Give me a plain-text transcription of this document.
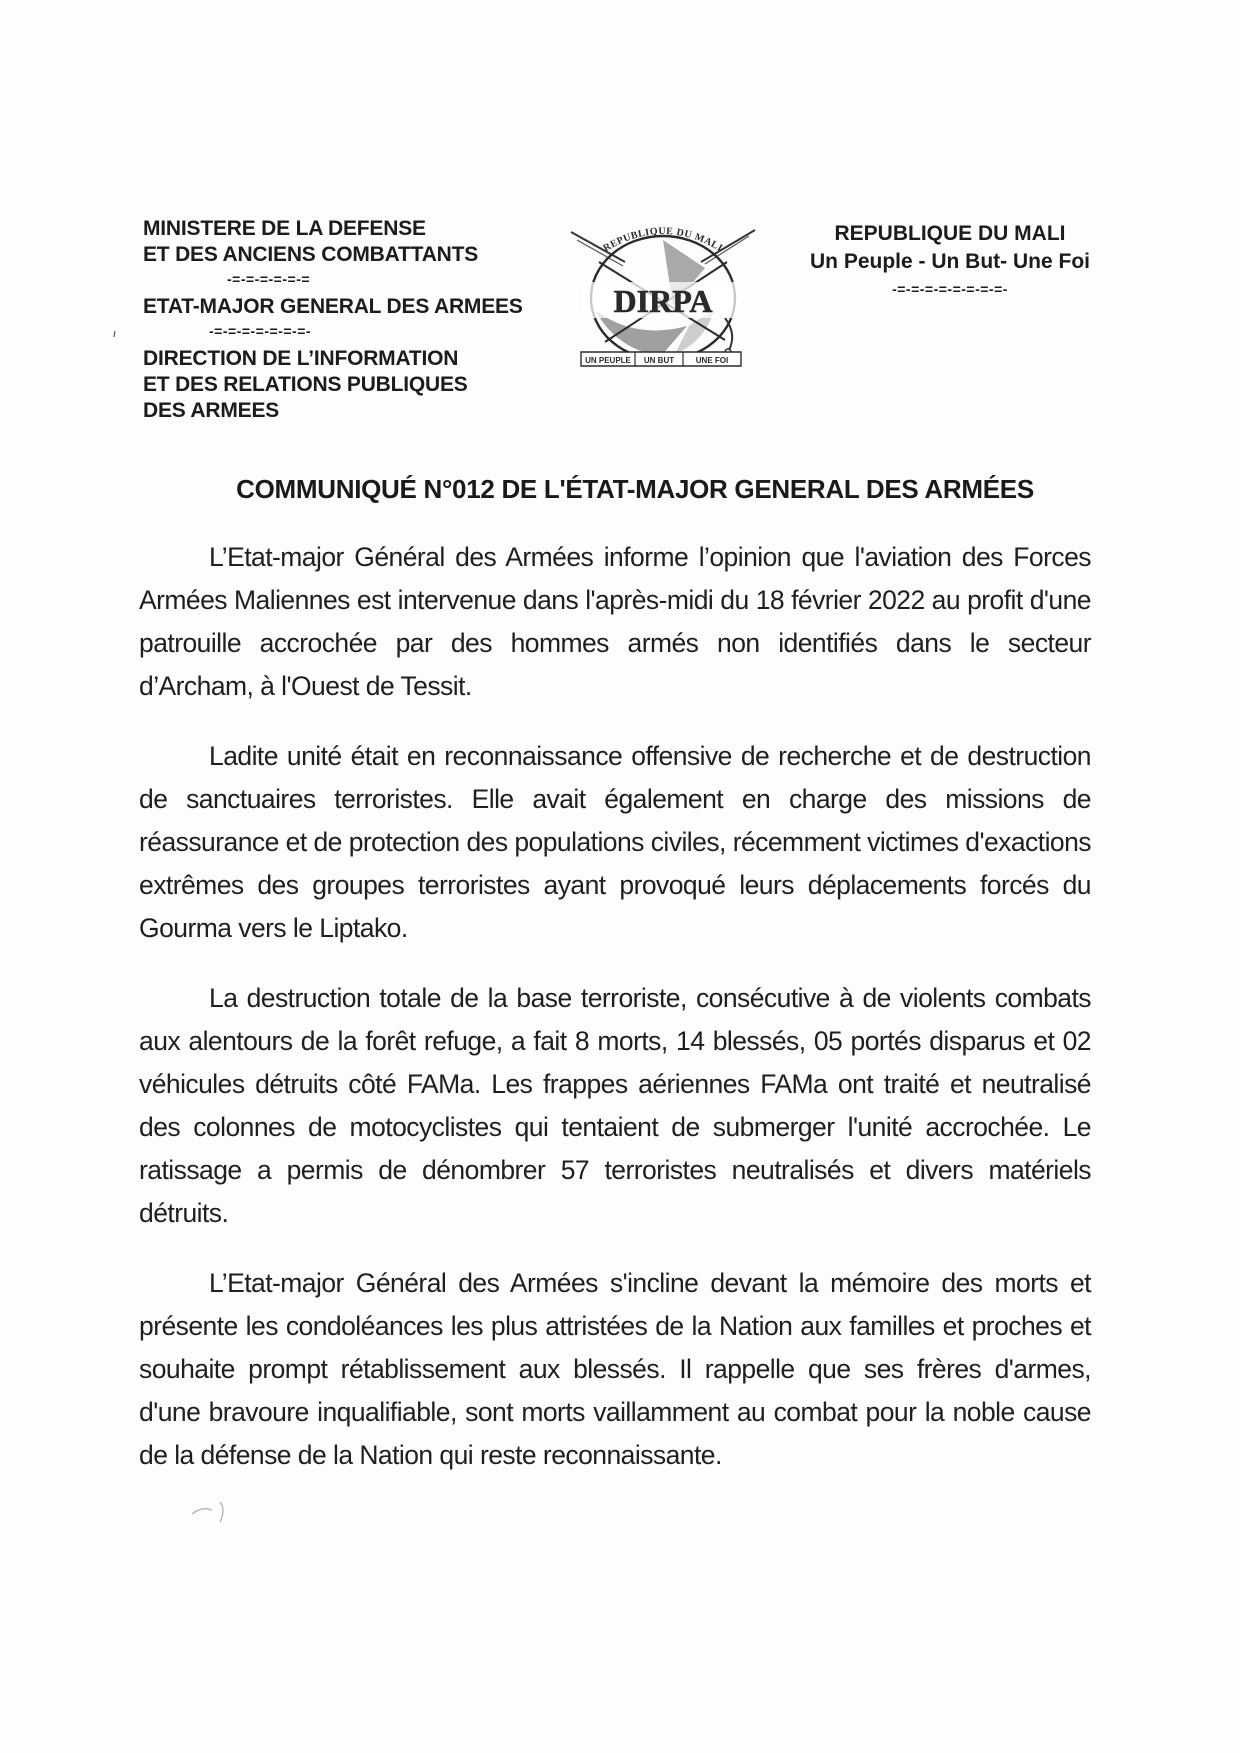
MINISTERE DE LA DEFENSE
ET DES ANCIENS COMBATTANTS
-=-=-=-=-=-=
ETAT-MAJOR GENERAL DES ARMEES
-=-=-=-=-=-=-=-
DIRECTION DE L’INFORMATION
ET DES RELATIONS PUBLIQUES
DES ARMEES
REPUBLIQUE DU MALI
DIRPA
UN PEUPLE UN BUT	UNE FOI
REPUBLIQUE DU MALI
Un Peuple - Un But- Une Foi
-=-=-=-=-=-=-=-=-
COMMUNIQUÉ N°012 DE L'ÉTAT-MAJOR GENERAL DES ARMÉES

L’Etat-major Général des Armées informe l’opinion que l'aviation des Forces Armées Maliennes est intervenue dans l'après-midi du 18 février 2022 au profit d'une patrouille accrochée par des hommes armés non identifiés dans le secteur d’Archam, à l'Ouest de Tessit.

Ladite unité était en reconnaissance offensive de recherche et de destruction de sanctuaires terroristes. Elle avait également en charge des missions de réassurance et de protection des populations civiles, récemment victimes d'exactions extrêmes des groupes terroristes ayant provoqué leurs déplacements forcés du Gourma vers le Liptako.

La destruction totale de la base terroriste, consécutive à de violents combats aux alentours de la forêt refuge, a fait 8 morts, 14 blessés, 05 portés disparus et 02 véhicules détruits côté FAMa. Les frappes aériennes FAMa ont traité et neutralisé des colonnes de motocyclistes qui tentaient de submerger l'unité accrochée. Le ratissage a permis de dénombrer 57 terroristes neutralisés et divers matériels détruits.

L’Etat-major Général des Armées s'incline devant la mémoire des morts et présente les condoléances les plus attristées de la Nation aux familles et proches et souhaite prompt rétablissement aux blessés. Il rappelle que ses frères d'armes, d'une bravoure inqualifiable, sont morts vaillamment au combat pour la noble cause de la défense de la Nation qui reste reconnaissante.
